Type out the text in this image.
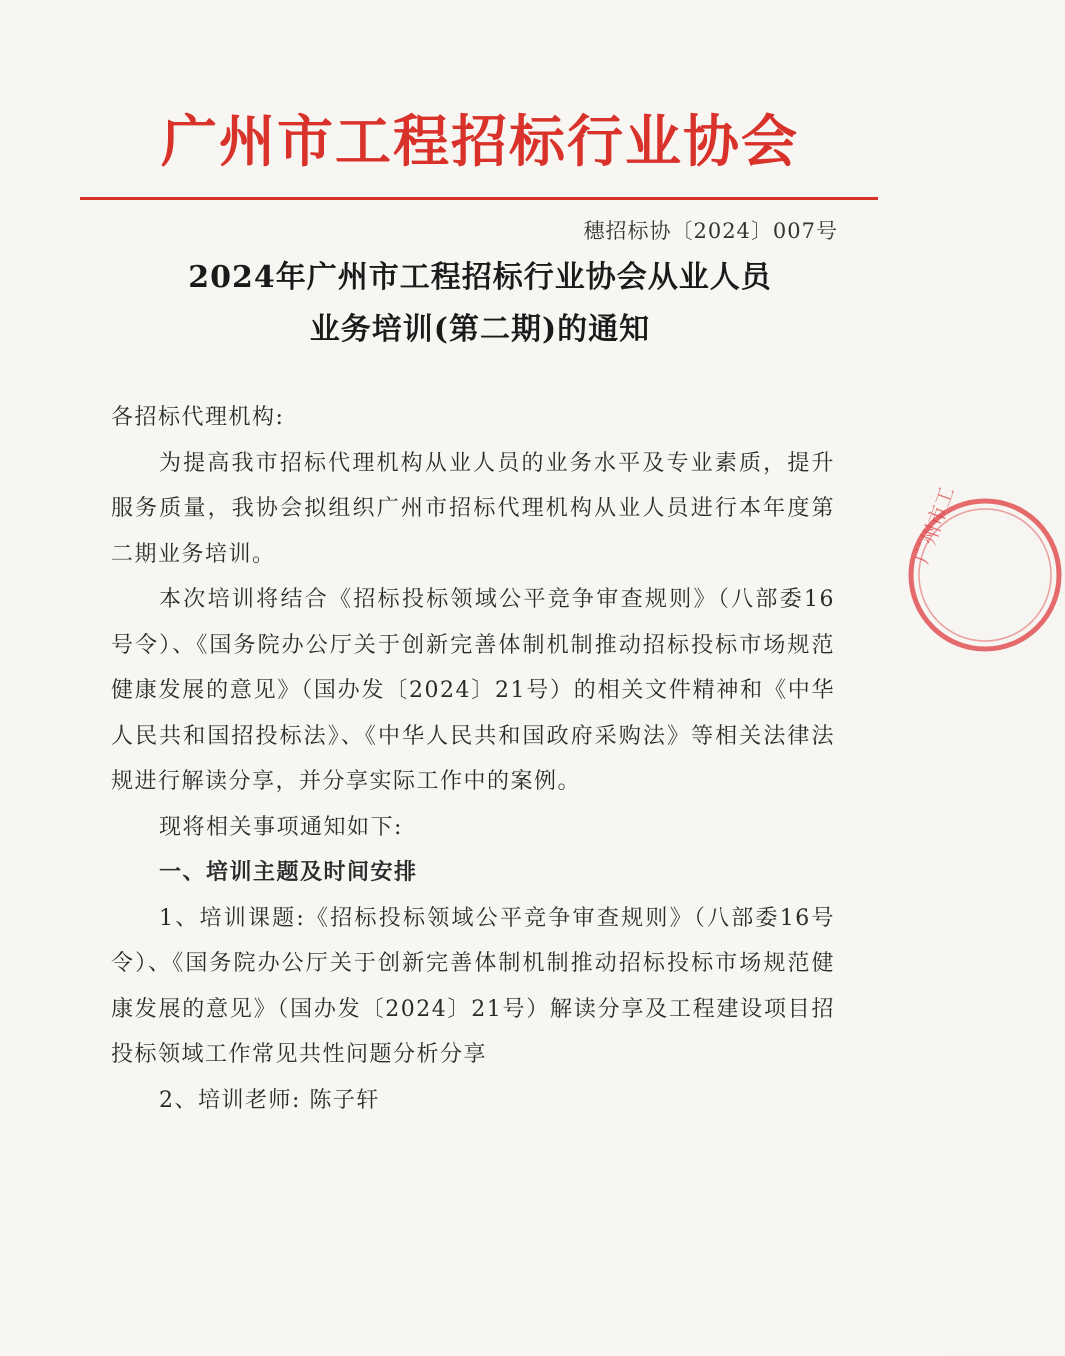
广州市工程招标行业协会
穗招标协〔2024〕007号
2024年广州市工程招标行业协会从业人员
业务培训(第二期)的通知

各招标代理机构:

为提高我市招标代理机构从业人员的业务水平及专业素质，提升服务质量，我协会拟组织广州市招标代理机构从业人员进行本年度第二期业务培训。

本次培训将结合《招标投标领域公平竞争审查规则》（八部委16号令）、《国务院办公厅关于创新完善体制机制推动招标投标市场规范健康发展的意见》（国办发〔2024〕21号）的相关文件精神和《中华人民共和国招投标法》、《中华人民共和国政府采购法》等相关法律法规进行解读分享，并分享实际工作中的案例。

现将相关事项通知如下:

一、培训主题及时间安排

1、培训课题:《招标投标领域公平竞争审查规则》（八部委16号令）、《国务院办公厅关于创新完善体制机制推动招标投标市场规范健康发展的意见》（国办发〔2024〕21号）解读分享及工程建设项目招投标领域工作常见共性问题分析分享

2、培训老师: 陈子轩

广州市工
